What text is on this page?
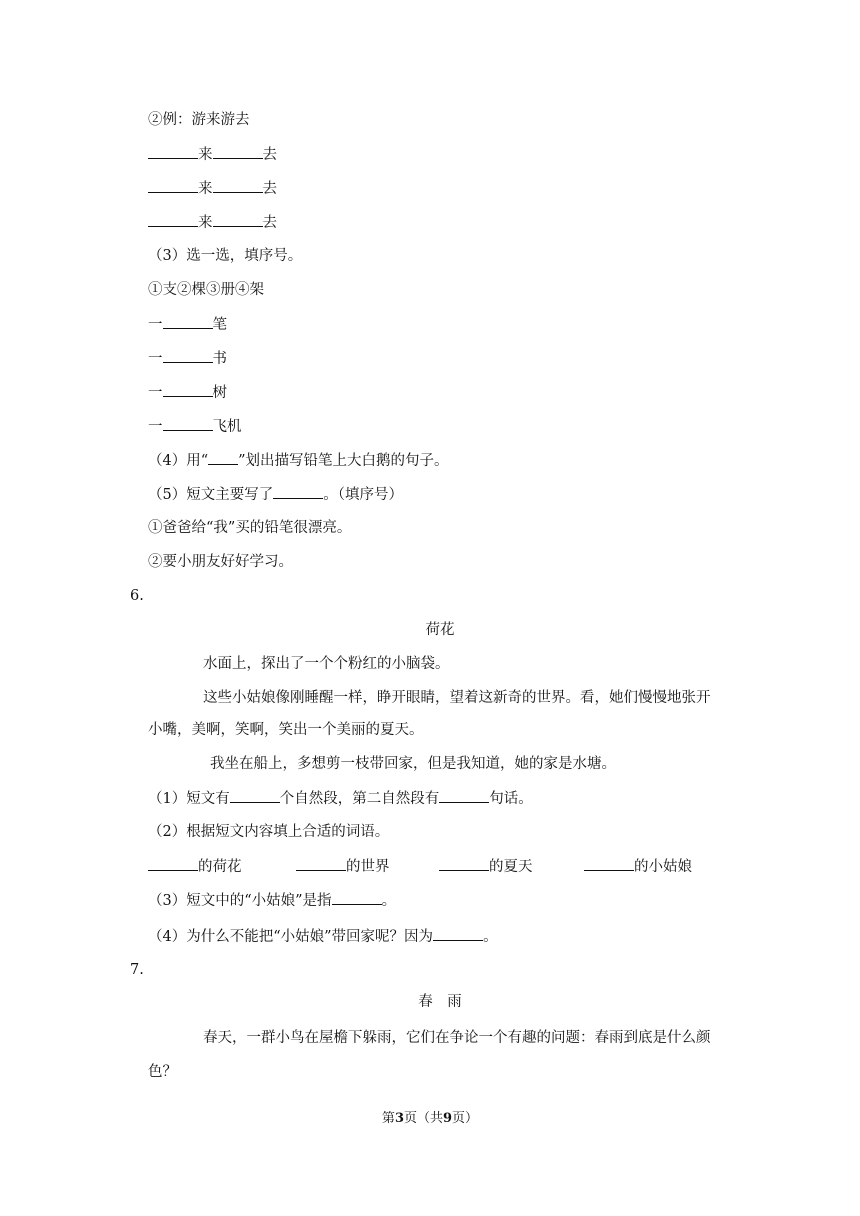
②例：游来游去
来	去
来	去
来	去
（3）选一选，填序号。
①支②棵③册④架
一	笔
一	书
一	树
一	飞机
（4）用“ ”划出描写铅笔上大白鹅的句子。
（5）短文主要写了	。（填序号）
①爸爸给“我”买的铅笔很漂亮。
②要小朋友好好学习。
6.
荷花
水面上，探出了一个个粉红的小脑袋。
这些小姑娘像刚睡醒一样，睁开眼睛，望着这新奇的世界。看，她们慢慢地张开
小嘴，美啊，笑啊，笑出一个美丽的夏天。
我坐在船上，多想剪一枝带回家，但是我知道，她的家是水塘。
（1）短文有	个自然段，第二自然段有	句话。
（2）根据短文内容填上合适的词语。
的荷花	的世界	的夏天	的小姑娘
（3）短文中的“小姑娘”是指	。
（4）为什么不能把“小姑娘”带回家呢？因为	。
7.
春　雨
春天，一群小鸟在屋檐下躲雨，它们在争论一个有趣的问题：春雨到底是什么颜
色？
第3页（共9页）
